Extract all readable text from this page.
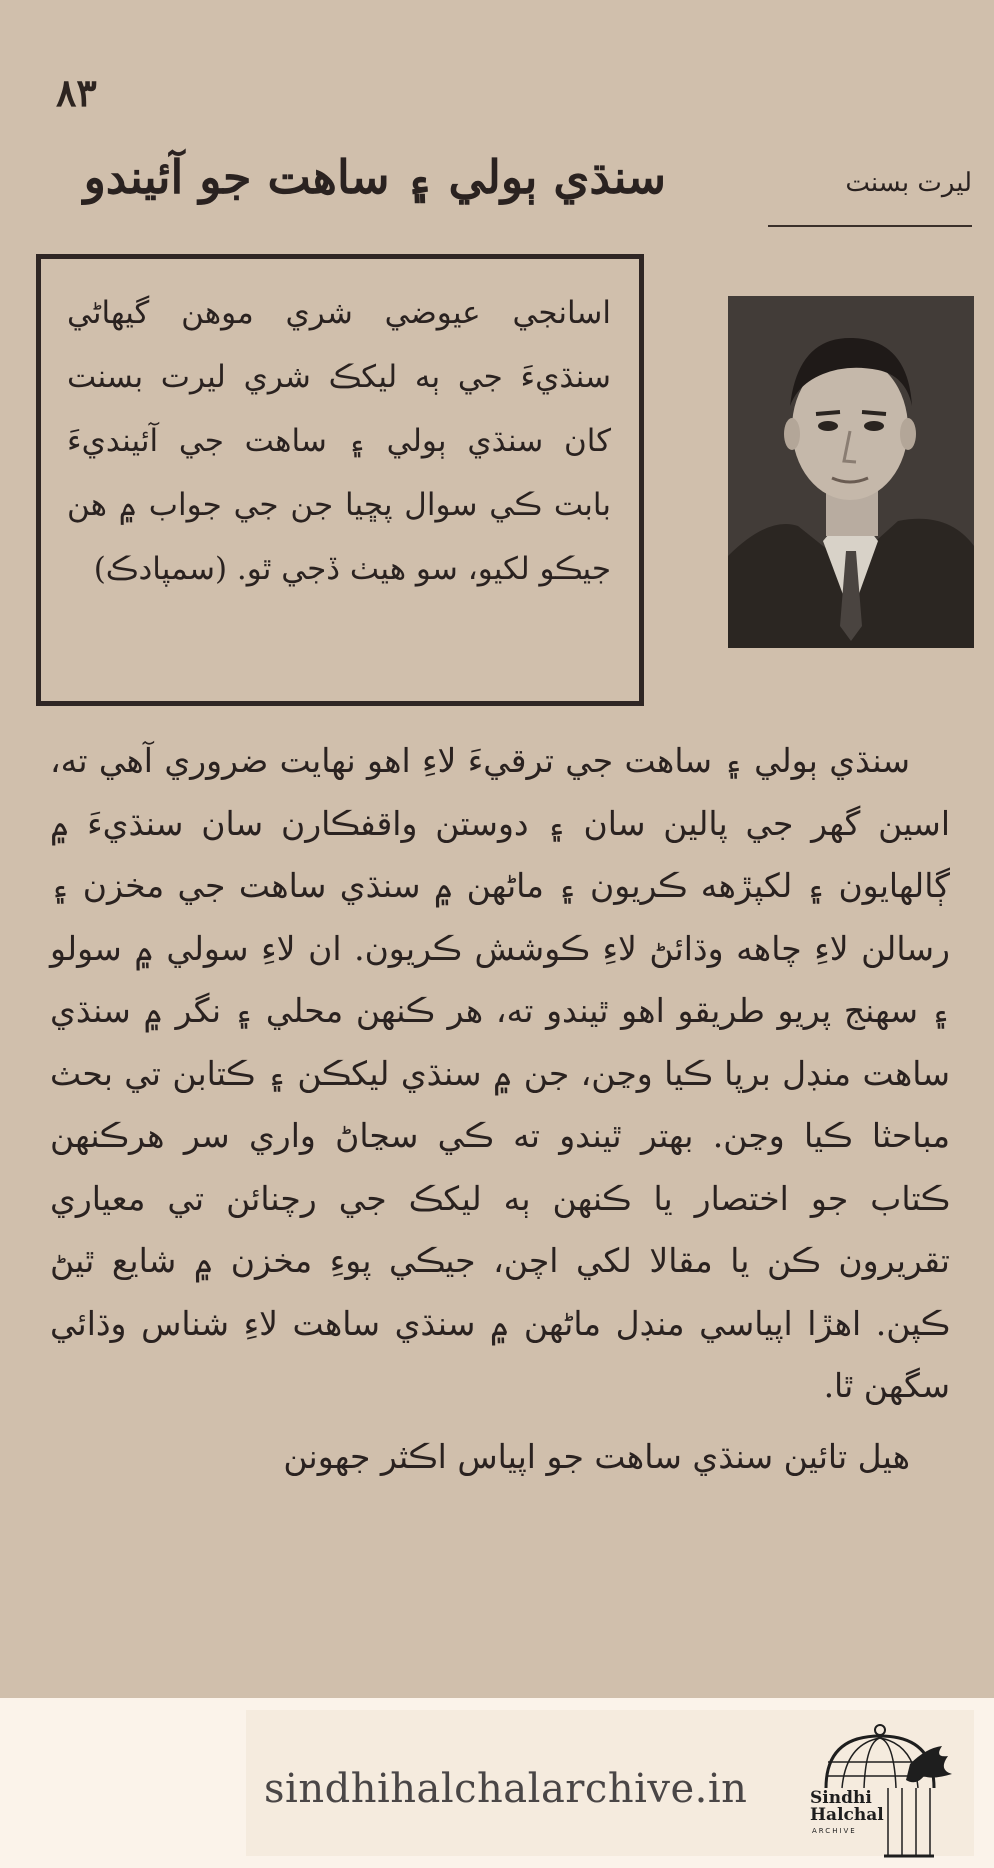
۸۳
سنڌي ٻولي ۽ ساهت جو آئيندو	ليرت بسنت
اسانجي عيوضي شري موهن گيهاڻي سنڌيءَ جي ٻه ليکڪ شري ليرت بسنت کان سنڌي ٻولي ۽ ساهت جي آئينديءَ بابت ڪي سوال پڇيا جن جي جواب ۾ هن جيڪو لکيو، سو هيٺ ڏجي ٿو. (سمپادڪ)

سنڌي ٻولي ۽ ساهت جي ترقيءَ لاءِ اهو نهايت ضروري آهي ته، اسين گهر جي پالين سان ۽ دوستن واقفڪارن سان سنڌيءَ ۾ ڳالهايون ۽ لکپڙهه ڪريون ۽ ماڻهن ۾ سنڌي ساهت جي مخزن ۽ رسالن لاءِ چاهه وڌائڻ لاءِ ڪوشش ڪريون. ان لاءِ سولي ۾ سولو ۽ سهنج پريو طريقو اهو ٿيندو ته، هر ڪنهن محلي ۽ نگر ۾ سنڌي ساهت منڊل برپا ڪيا وڃن، جن ۾ سنڌي ليکڪن ۽ ڪتابن تي بحث مباحثا ڪيا وڃن. بهتر ٿيندو ته ڪي سڃاڻ واري سر هرڪنهن ڪتاب جو اختصار يا ڪنهن ٻه ليکڪ جي رچنائن تي معياري تقريرون ڪن يا مقالا لکي اچن، جيڪي پوءِ مخزن ۾ شايع ٿيڻ ڪپن. اهڙا اپياسي منڊل ماڻهن ۾ سنڌي ساهت لاءِ شناس وڌائي سگهن ٿا.

هيل تائين سنڌي ساهت جو اپياس اڪثر جهونن

sindhihalchalarchive.in	Sindhi
Halchal
ARCHIVE
